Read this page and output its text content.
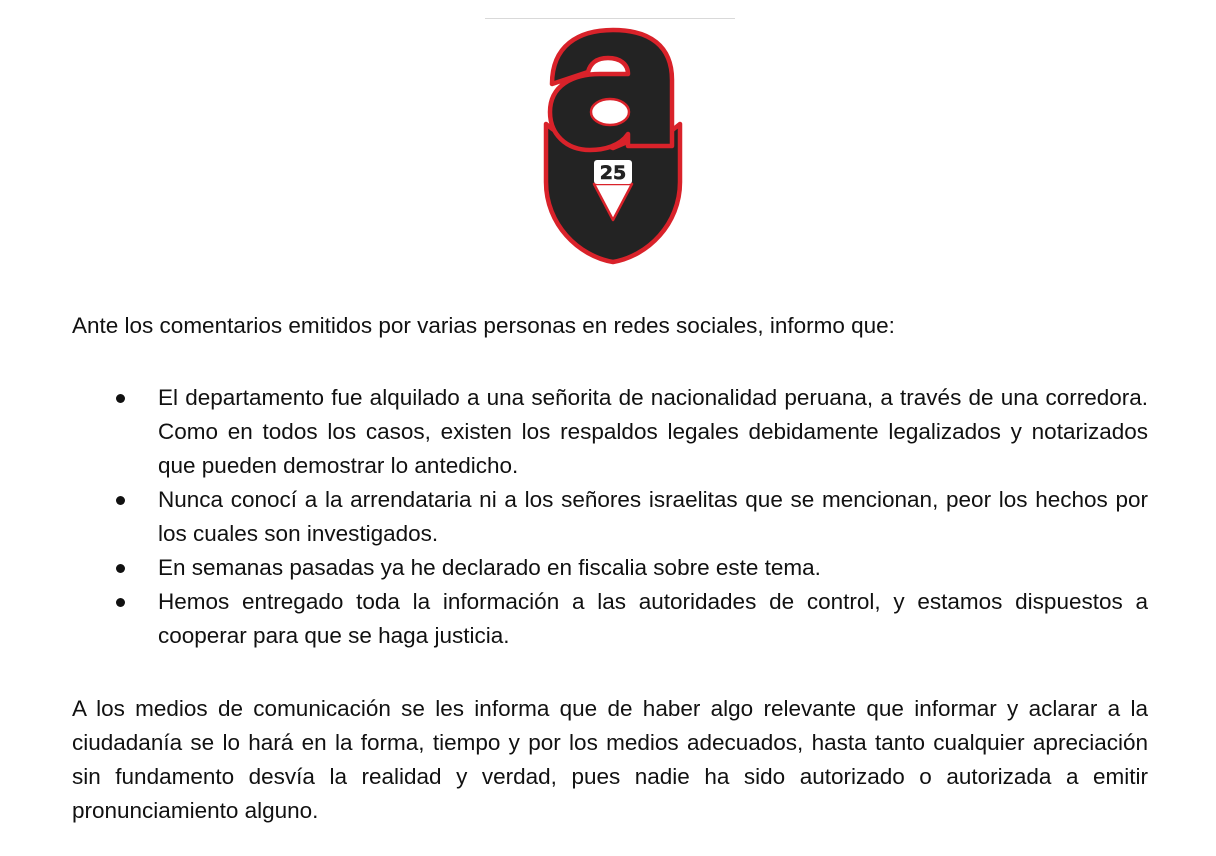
25

Ante los comentarios emitidos por varias personas en redes sociales, informo que:

El departamento fue alquilado a una señorita de nacionalidad peruana, a través de una corredora. Como en todos los casos, existen los respaldos legales debidamente legalizados y notarizados que pueden demostrar lo antedicho.
Nunca conocí a la arrendataria ni a los señores israelitas que se mencionan, peor los hechos por los cuales son investigados.
En semanas pasadas ya he declarado en fiscalia sobre este tema.
Hemos entregado toda la información a las autoridades de control, y estamos dispuestos a cooperar para que se haga justicia.

A los medios de comunicación se les informa que de haber algo relevante que informar y aclarar a la ciudadanía se lo hará en la forma, tiempo y por los medios adecuados, hasta tanto cualquier apreciación sin fundamento desvía la realidad y verdad, pues nadie ha sido autorizado o autorizada a emitir pronunciamiento alguno.
